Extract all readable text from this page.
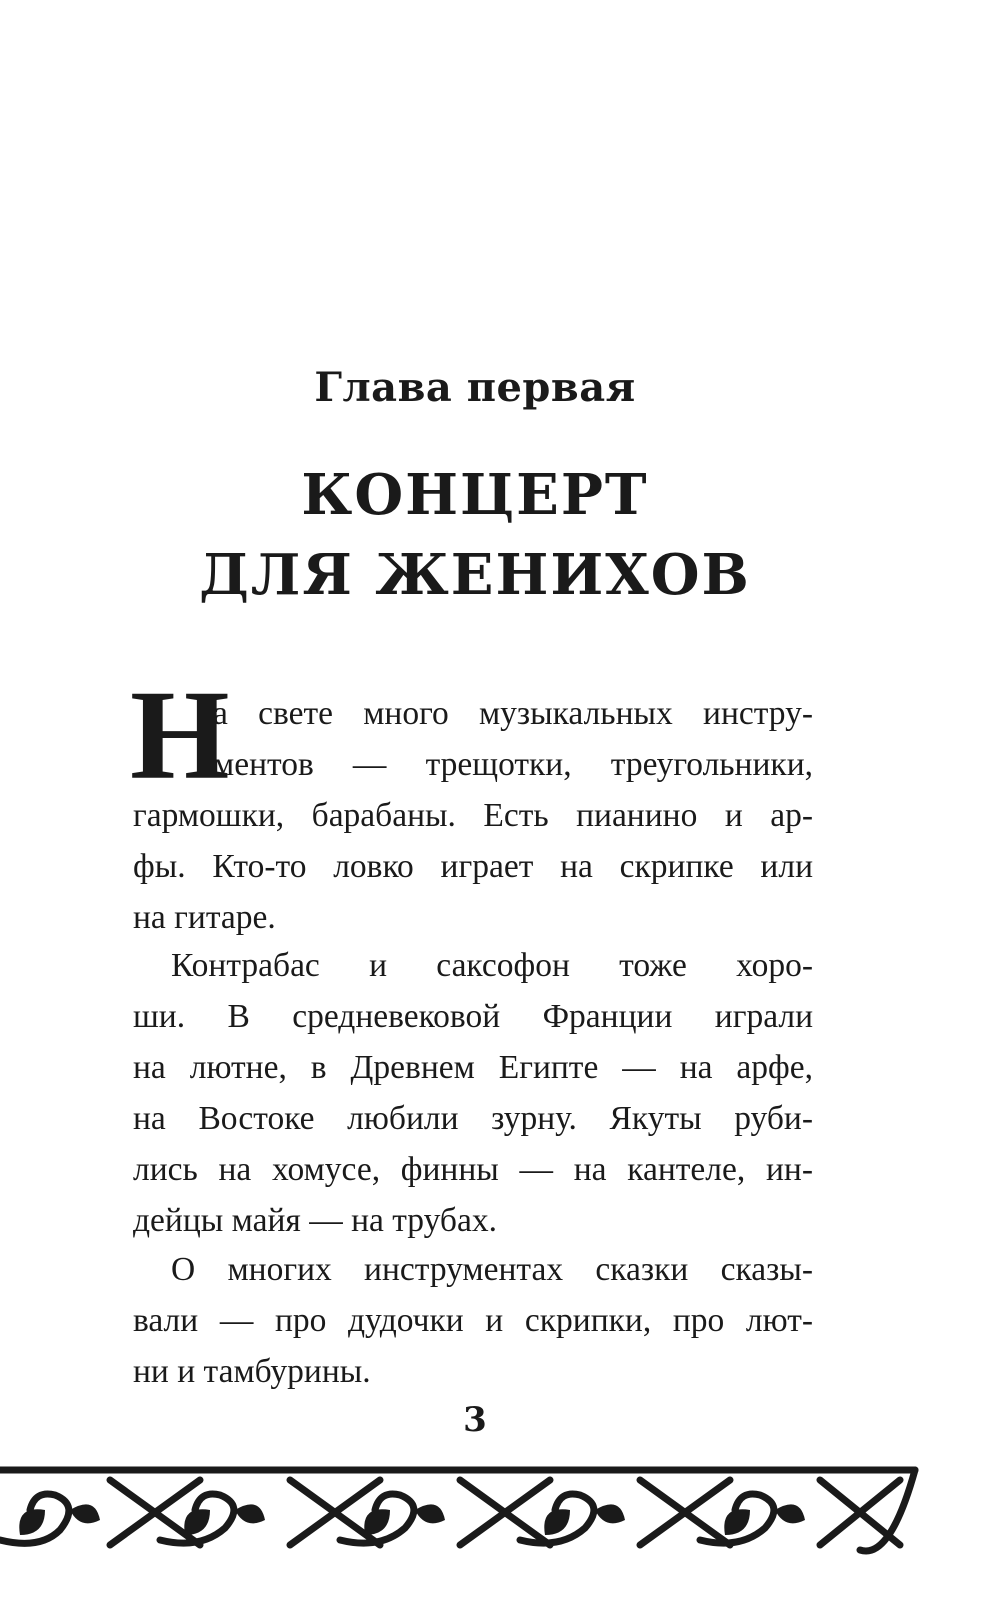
Глава первая
КОНЦЕРТ
ДЛЯ ЖЕНИХОВ
Н
а свете много музыкальных инстру-
ментов — трещотки, треугольники,
гармошки, барабаны. Есть пианино и ар-
фы. Кто-то ловко играет на скрипке или
на гитаре.
Контрабас и саксофон тоже хоро-
ши. В средневековой Франции играли
на лютне, в Древнем Египте — на арфе,
на Востоке любили зурну. Якуты руби-
лись на хомусе, финны — на кантеле, ин-
дейцы майя — на трубах.
О многих инструментах сказки сказы-
вали — про дудочки и скрипки, про лют-
ни и тамбурины.
3
